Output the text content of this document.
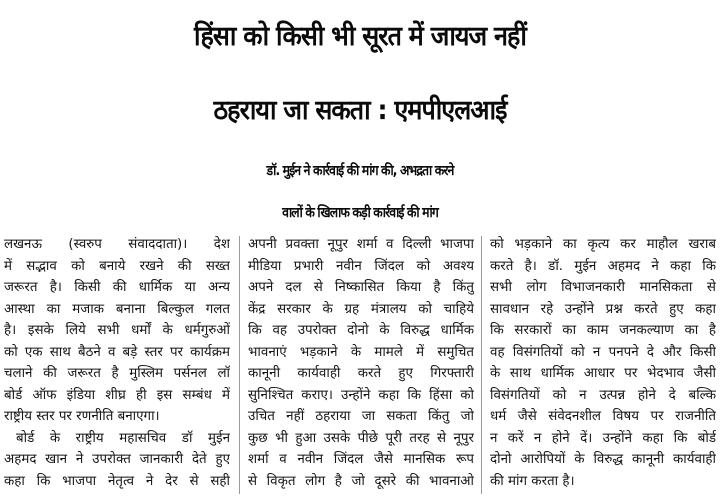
हिंसा को किसी भी सूरत में जायज नहीं
ठहराया जा सकता : एमपीएलआई
डॉ. मुईन ने कार्रवाई की मांग की, अभद्रता करने
वालों के खिलाफ कड़ी कार्रवाई की मांग
लखनऊ (स्वरुप संवाददाता)। देश
में सद्भाव को बनाये रखने की सख्त
जरूरत है। किसी की धार्मिक या अन्य
आस्था का मजाक बनाना बिल्कुल गलत
है। इसके लिये सभी धर्मों के धर्मगुरुओं
को एक साथ बैठने व बड़े स्तर पर कार्यक्रम
चलाने की जरूरत है मुस्लिम पर्सनल लॉ
बोर्ड ऑफ इंडिया शीघ्र ही इस सम्बंध में
राष्ट्रीय स्तर पर रणनीति बनाएगा।
बोर्ड के राष्ट्रीय महासचिव डॉ मुईन
अहमद खान ने उपरोक्त जानकारी देते हुए
कहा कि भाजपा नेतृत्व ने देर से सही
अपनी प्रवक्ता नूपुर शर्मा व दिल्ली भाजपा
मीडिया प्रभारी नवीन जिंदल को अवश्य
अपने दल से निष्कासित किया है किंतु
केंद्र सरकार के ग्रह मंत्रालय को चाहिये
कि वह उपरोक्त दोनो के विरुद्ध धार्मिक
भावनाएं भड़काने के मामले में समुचित
कानूनी कार्यवाही करते हुए गिरफ्तारी
सुनिश्चित कराए। उन्होंने कहा कि हिंसा को
उचित नहीं ठहराया जा सकता किंतु जो
कुछ भी हुआ उसके पीछे पूरी तरह से नूपुर
शर्मा व नवीन जिंदल जैसे मानसिक रूप
से विकृत लोग है जो दूसरे की भावनाओ
को भड़काने का कृत्य कर माहौल खराब
करते है। डॉ. मुईन अहमद ने कहा कि
सभी लोग विभाजनकारी मानसिकता से
सावधान रहे उन्होंने प्रश्न करते हुए कहा
कि सरकारों का काम जनकल्याण का है
वह विसंगतियों को न पनपने दे और किसी
के साथ धार्मिक आधार पर भेदभाव जैसी
विसंगतियों को न उत्पन्न होने दे बल्कि
धर्म जैसे संवेदनशील विषय पर राजनीति
न करें न होने दें। उन्होंने कहा कि बोर्ड
दोनो आरोपियों के विरुद्ध कानूनी कार्यवाही
की मांग करता है।
